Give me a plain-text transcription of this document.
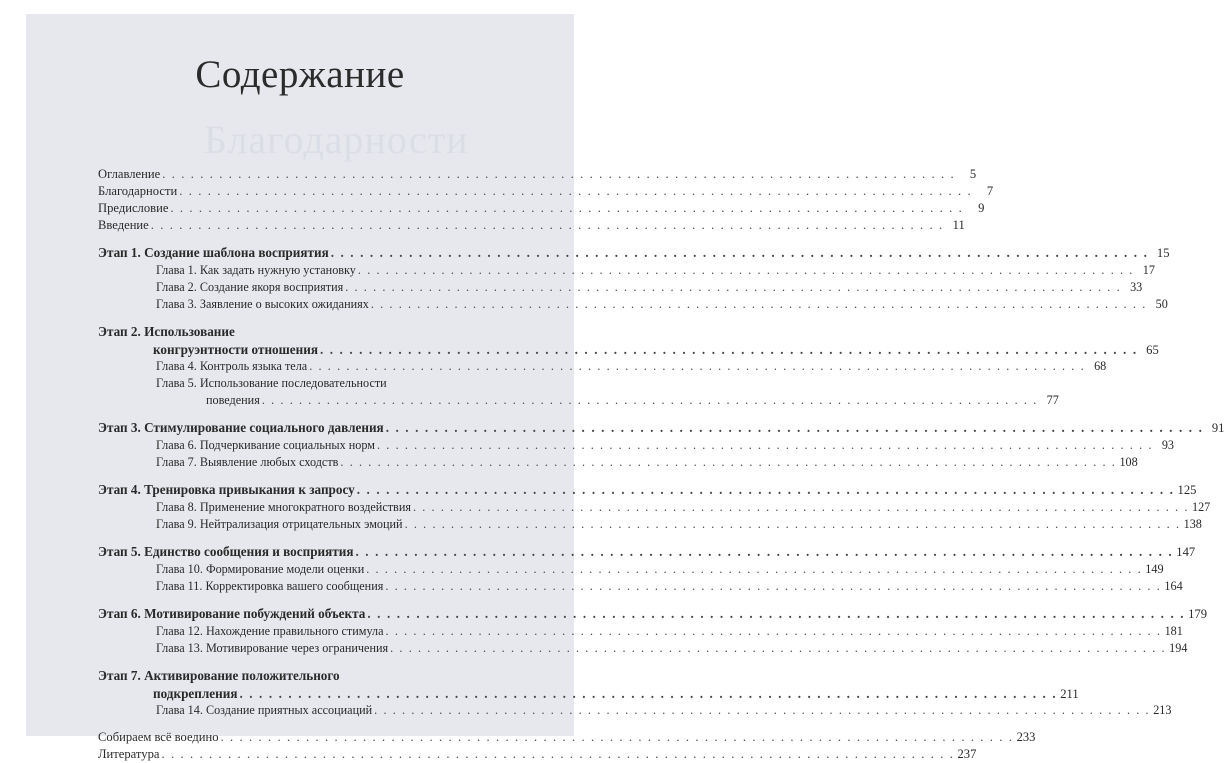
Благодарности
Содержание
Оглавление . . .	5
Благодарности . . .	7
Предисловие . . .	9
Введение . . .	11
Этап 1. Создание шаблона восприятия . . .	15
Глава 1. Как задать нужную установку . . .	17
Глава 2. Создание якоря восприятия . . .	33
Глава 3. Заявление о высоких ожиданиях . . .	50
Этап 2. Использование
конгруэнтности отношения . . .	65
Глава 4. Контроль языка тела . . .	68
Глава 5. Использование последовательности
поведения . . .	77
Этап 3. Стимулирование социального давления . . .	91
Глава 6. Подчеркивание социальных норм . . .	93
Глава 7. Выявление любых сходств . . .	108
Этап 4. Тренировка привыкания к запросу . . .	125
Глава 8. Применение многократного воздействия . . .	127
Глава 9. Нейтрализация отрицательных эмоций . . .	138
Этап 5. Единство сообщения и восприятия . . .	147
Глава 10. Формирование модели оценки . . .	149
Глава 11. Корректировка вашего сообщения . . .	164
Этап 6. Мотивирование побуждений объекта . . .	179
Глава 12. Нахождение правильного стимула . . .	181
Глава 13. Мотивирование через ограничения . . .	194
Этап 7. Активирование положительного
подкрепления . . .	211
Глава 14. Создание приятных ассоциаций . . .	213
Собираем всё воедино . . .	233
Литература . . .	237
